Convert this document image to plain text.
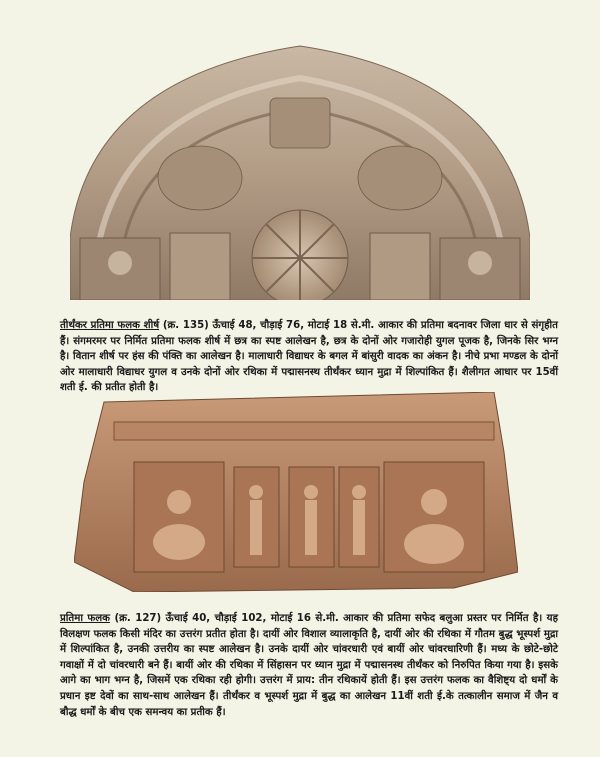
तीर्थंकर प्रतिमा फलक शीर्ष (क्र. 135) ऊँचाई 48, चौड़ाई 76, मोटाई 18 से.मी. आकार की प्रतिमा बदनावर जिला धार से संगृहीत हैं। संगमरमर पर निर्मित प्रतिमा फलक शीर्ष में छत्र का स्पष्ट आलेखन है, छत्र के दोनों ओर गजारोही युगल पूजक है, जिनके सिर भग्न है। वितान शीर्ष पर हंस की पंक्ति का आलेखन है। मालाधारी विद्याधर के बगल में बांसुरी वादक का अंकन है। नीचे प्रभा मण्डल के दोनों ओर मालाधारी विद्याधर युगल व उनके दोनों ओर रथिका में पद्मासनस्थ तीर्थंकर ध्यान मुद्रा में शिल्पांकित हैं। शैलीगत आधार पर 15वीं शती ई. की प्रतीत होती है।
प्रतिमा फलक (क्र. 127) ऊँचाई 40, चौड़ाई 102, मोटाई 16 से.मी. आकार की प्रतिमा सफेद बलुआ प्रस्तर पर निर्मित है। यह विलक्षण फलक किसी मंदिर का उत्तरंग प्रतीत होता है। दायीं ओर विशाल व्यालाकृति है, दायीं ओर की रथिका में गौतम बुद्ध भूस्पर्श मुद्रा में शिल्पांकित है, उनकी उत्तरीय का स्पष्ट आलेखन है। उनके दायीं ओर चांवरधारी एवं बायीं ओर चांवरधारिणी हैं। मध्य के छोटे-छोटे गवाक्षों में दो चांवरधारी बने हैं। बायीं ओर की रथिका में सिंहासन पर ध्यान मुद्रा में पद्मासनस्थ तीर्थंकर को निरुपित किया गया है। इसके आगे का भाग भग्न है, जिसमें एक रथिका रही होगी। उत्तरंग में प्राय: तीन रथिकायें होती हैं। इस उत्तरंग फलक का वैशिष्ट्य दो धर्मों के प्रधान इष्ट देवों का साथ-साथ आलेखन हैं। तीर्थंकर व भूस्पर्श मुद्रा में बुद्ध का आलेखन 11वीं शती ई.के तत्कालीन समाज में जैन व बौद्ध धर्मों के बीच एक समन्वय का प्रतीक हैं।
